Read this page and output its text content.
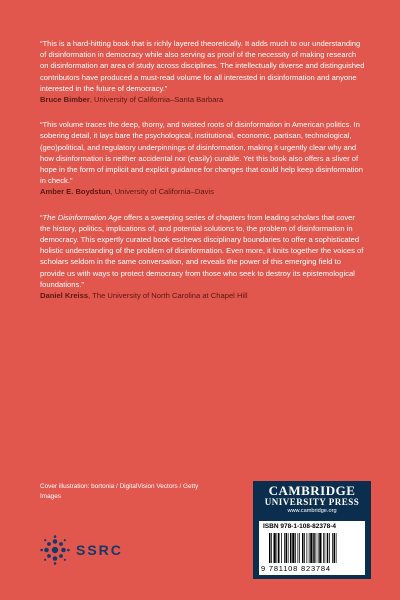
“This is a hard-hitting book that is richly layered theoretically. It adds much to our understanding of disinformation in democracy while also serving as proof of the necessity of making research on disinformation an area of study across disciplines. The intellectually diverse and distinguished contributors have produced a must-read volume for all interested in disinformation and anyone interested in the future of democracy.”

Bruce Bimber, University of California–Santa Barbara

“This volume traces the deep, thorny, and twisted roots of disinformation in American politics. In sobering detail, it lays bare the psychological, institutional, economic, partisan, technological, (geo)political, and regulatory underpinnings of disinformation, making it urgently clear why and how disinformation is neither accidental nor (easily) curable. Yet this book also offers a sliver of hope in the form of implicit and explicit guidance for changes that could help keep disinformation in check.”

Amber E. Boydstun, University of California–Davis

“The Disinformation Age offers a sweeping series of chapters from leading scholars that cover the history, politics, implications of, and potential solutions to, the problem of disinformation in democracy. This expertly curated book eschews disciplinary boundaries to offer a sophisticated holistic understanding of the problem of disinformation. Even more, it knits together the voices of scholars seldom in the same conversation, and reveals the power of this emerging field to provide us with ways to protect democracy from those who seek to destroy its epistemological foundations.”

Daniel Kreiss, The University of North Carolina at Chapel Hill

Cover illustration: bortonia / DigitalVision Vectors / Getty Images

SSRC
CAMBRIDGE
UNIVERSITY PRESS
www.cambridge.org
ISBN 978-1-108-82378-4
9 781108 823784
